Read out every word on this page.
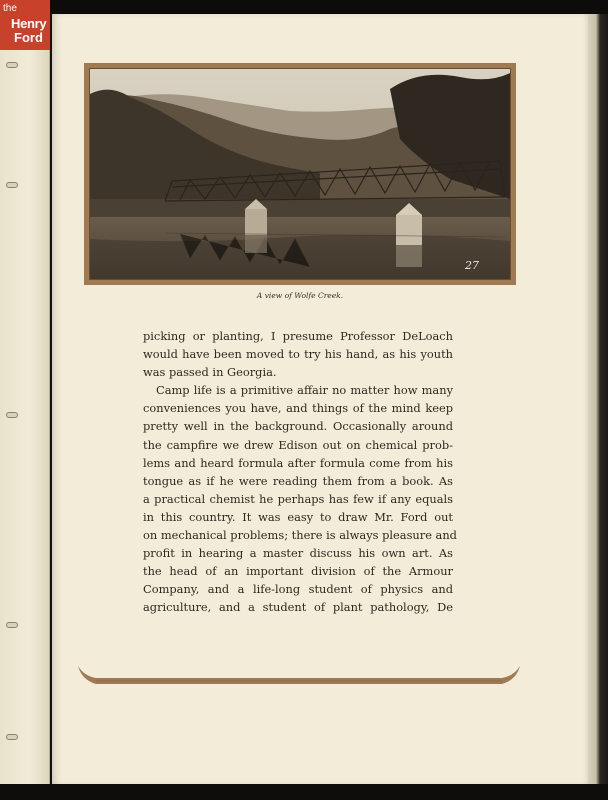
the
Henry
Ford
27
A view of Wolfe Creek.
picking or planting, I presume Professor DeLoach
would have been moved to try his hand, as his youth
was passed in Georgia.
Camp life is a primitive affair no matter how many
conveniences you have, and things of the mind keep
pretty well in the background. Occasionally around
the campfire we drew Edison out on chemical prob-
lems and heard formula after formula come from his
tongue as if he were reading them from a book. As
a practical chemist he perhaps has few if any equals
in this country. It was easy to draw Mr. Ford out
on mechanical problems; there is always pleasure and
profit in hearing a master discuss his own art. As
the head of an important division of the Armour
Company, and a life-long student of physics and
agriculture, and a student of plant pathology, De
